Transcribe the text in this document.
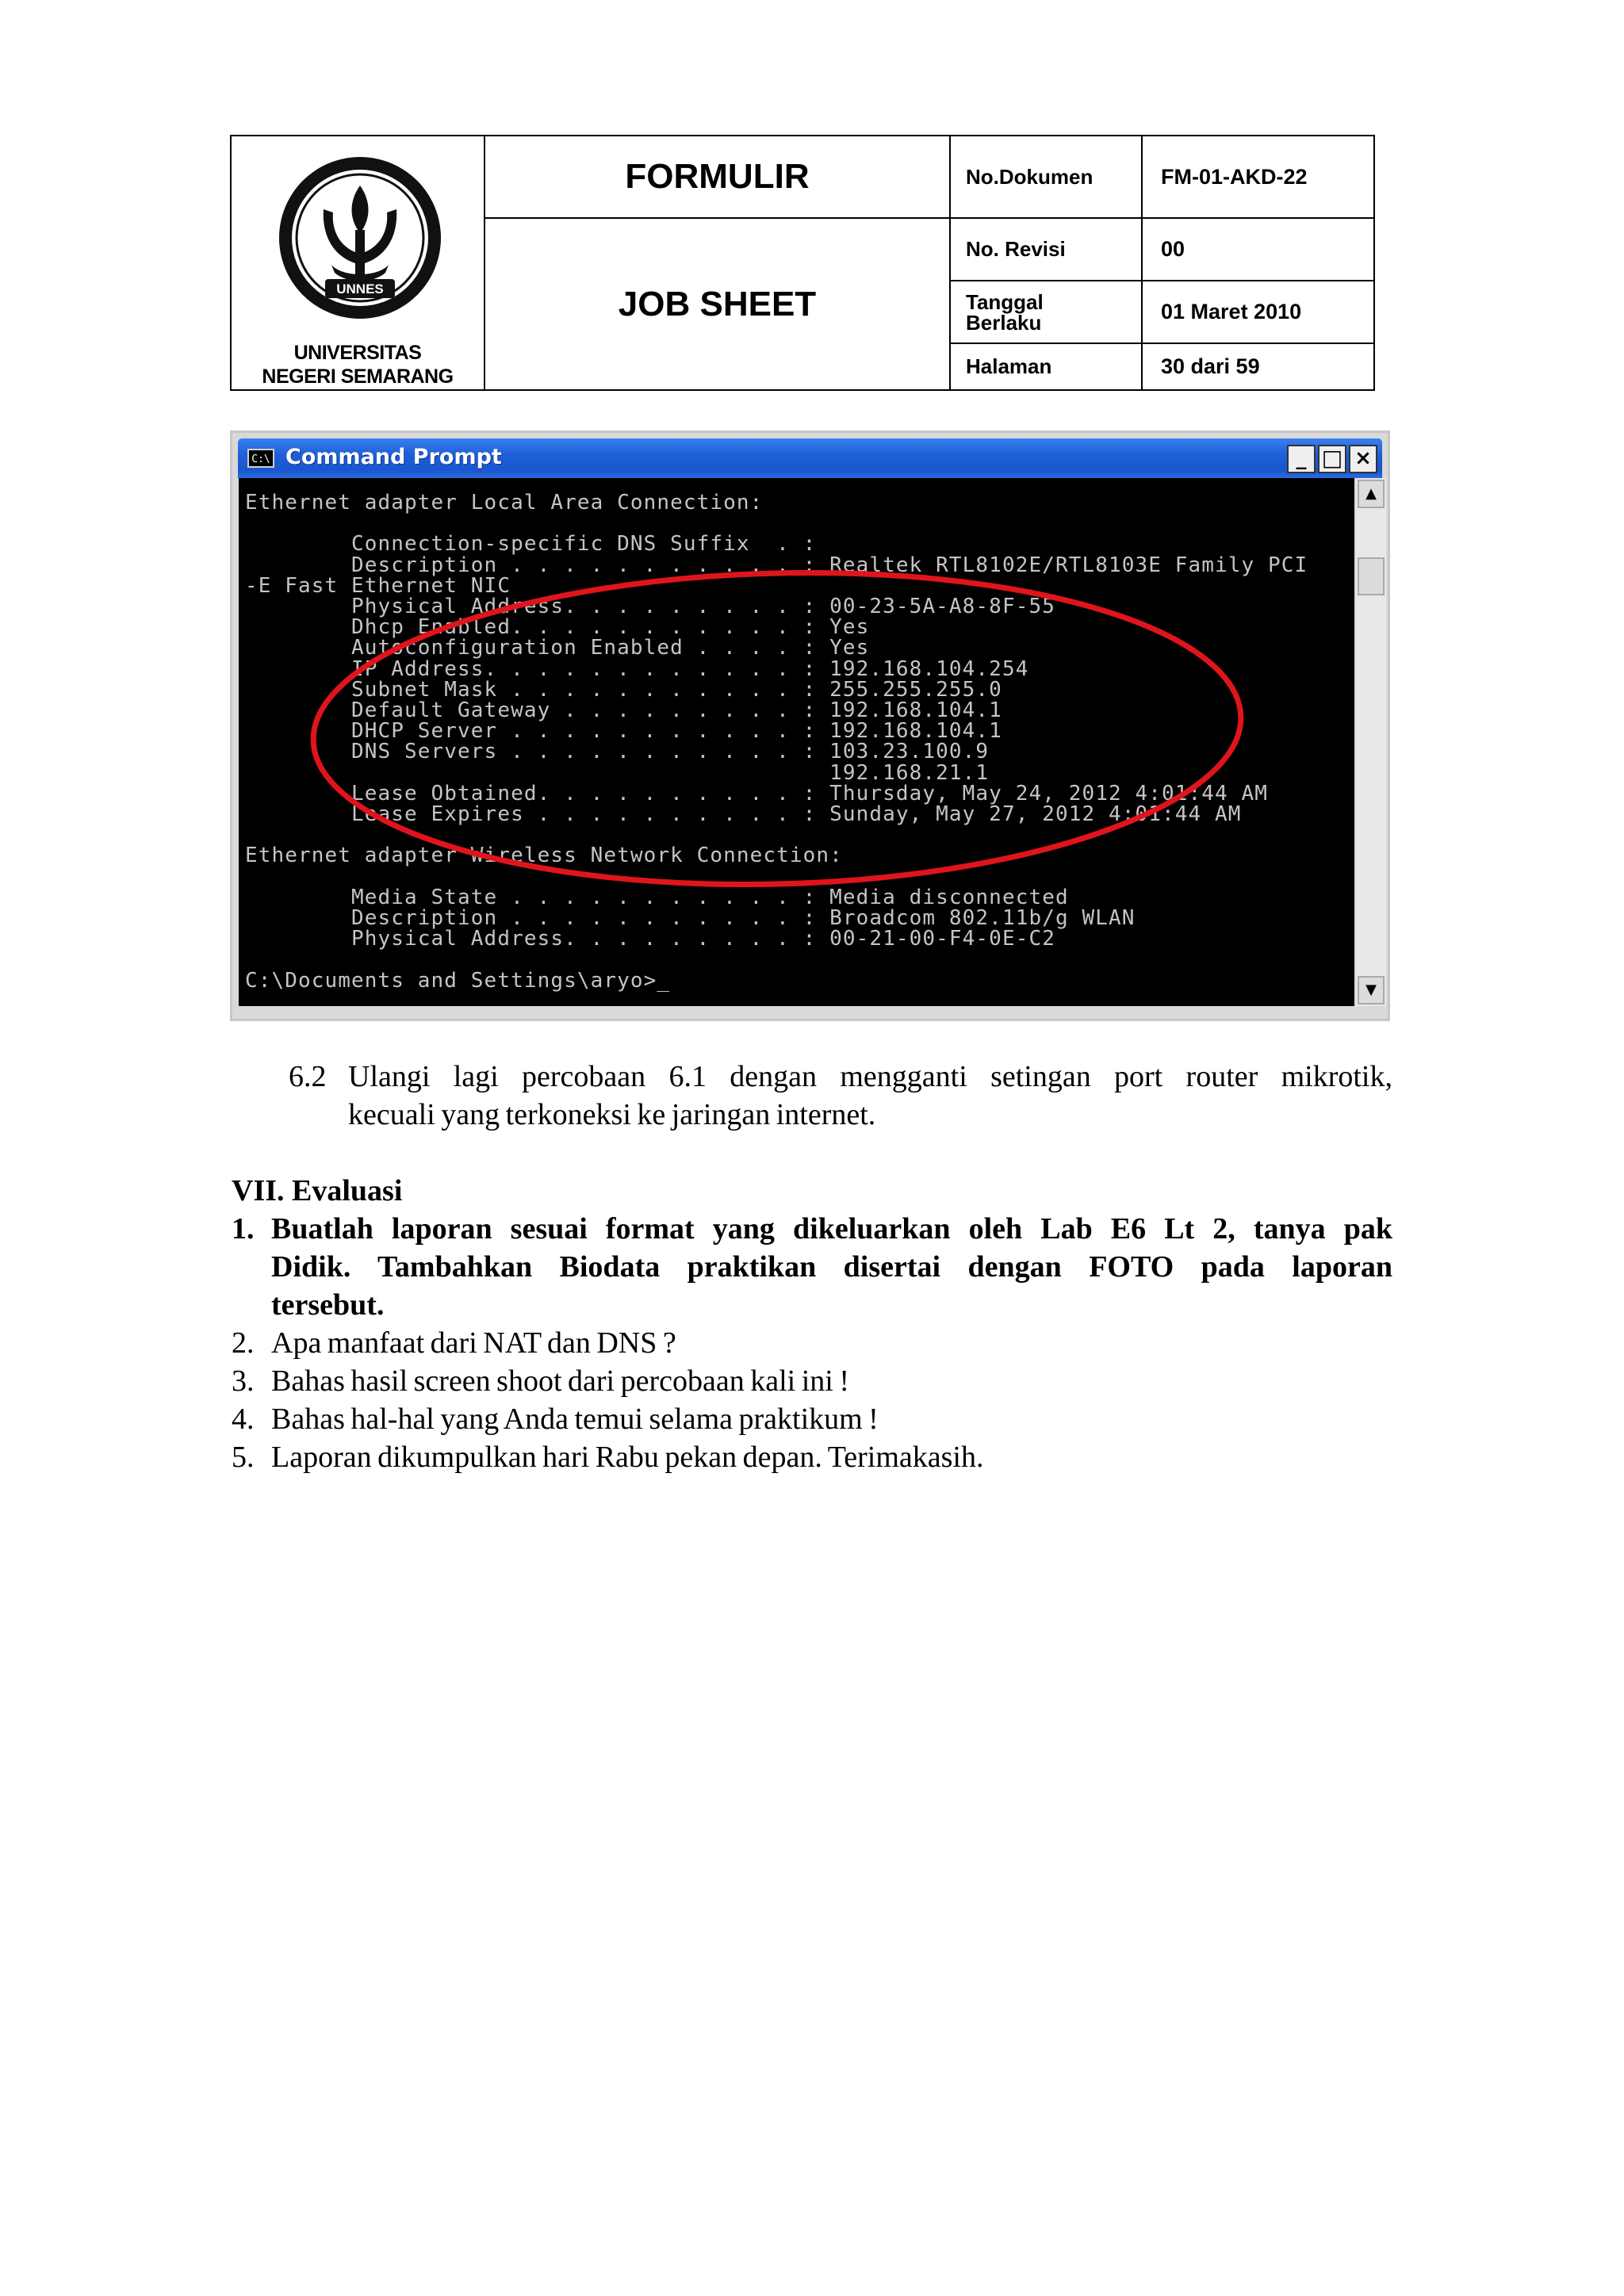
UNNES
UNIVERSITAS
NEGERI SEMARANG
FORMULIR
JOB SHEET
No.Dokumen	FM-01-AKD-22
No. Revisi	00
Tanggal Berlaku	01 Maret 2010
Halaman	30 dari 59
C:\ Command Prompt	_ □ ×
Ethernet adapter Local Area Connection:

Connection-specific DNS Suffix  . :
Description . . . . . . . . . . . : Realtek RTL8102E/RTL8103E Family PCI
-E Fast Ethernet NIC
Physical Address. . . . . . . . . : 00-23-5A-A8-8F-55
Dhcp Enabled. . . . . . . . . . . : Yes
Autoconfiguration Enabled . . . . : Yes
IP Address. . . . . . . . . . . . : 192.168.104.254
Subnet Mask . . . . . . . . . . . : 255.255.255.0
Default Gateway . . . . . . . . . : 192.168.104.1
DHCP Server . . . . . . . . . . . : 192.168.104.1
DNS Servers . . . . . . . . . . . : 103.23.100.9
192.168.21.1
Lease Obtained. . . . . . . . . . : Thursday, May 24, 2012 4:01:44 AM
Lease Expires . . . . . . . . . . : Sunday, May 27, 2012 4:01:44 AM

Ethernet adapter Wireless Network Connection:

Media State . . . . . . . . . . . : Media disconnected
Description . . . . . . . . . . . : Broadcom 802.11b/g WLAN
Physical Address. . . . . . . . . : 00-21-00-F4-0E-C2

C:\Documents and Settings\aryo>_
▲
▼
6.2 Ulangi lagi percobaan 6.1 dengan mengganti setingan port router mikrotik,
kecuali yang terkoneksi ke jaringan internet.
VII. Evaluasi
1. Buatlah laporan sesuai format yang dikeluarkan oleh Lab E6 Lt 2, tanya pak
Didik. Tambahkan Biodata praktikan disertai dengan FOTO pada laporan
tersebut.
2. Apa manfaat dari NAT dan DNS ?
3. Bahas hasil screen shoot dari percobaan kali ini !
4. Bahas hal-hal yang Anda temui selama praktikum !
5. Laporan dikumpulkan hari Rabu pekan depan. Terimakasih.
